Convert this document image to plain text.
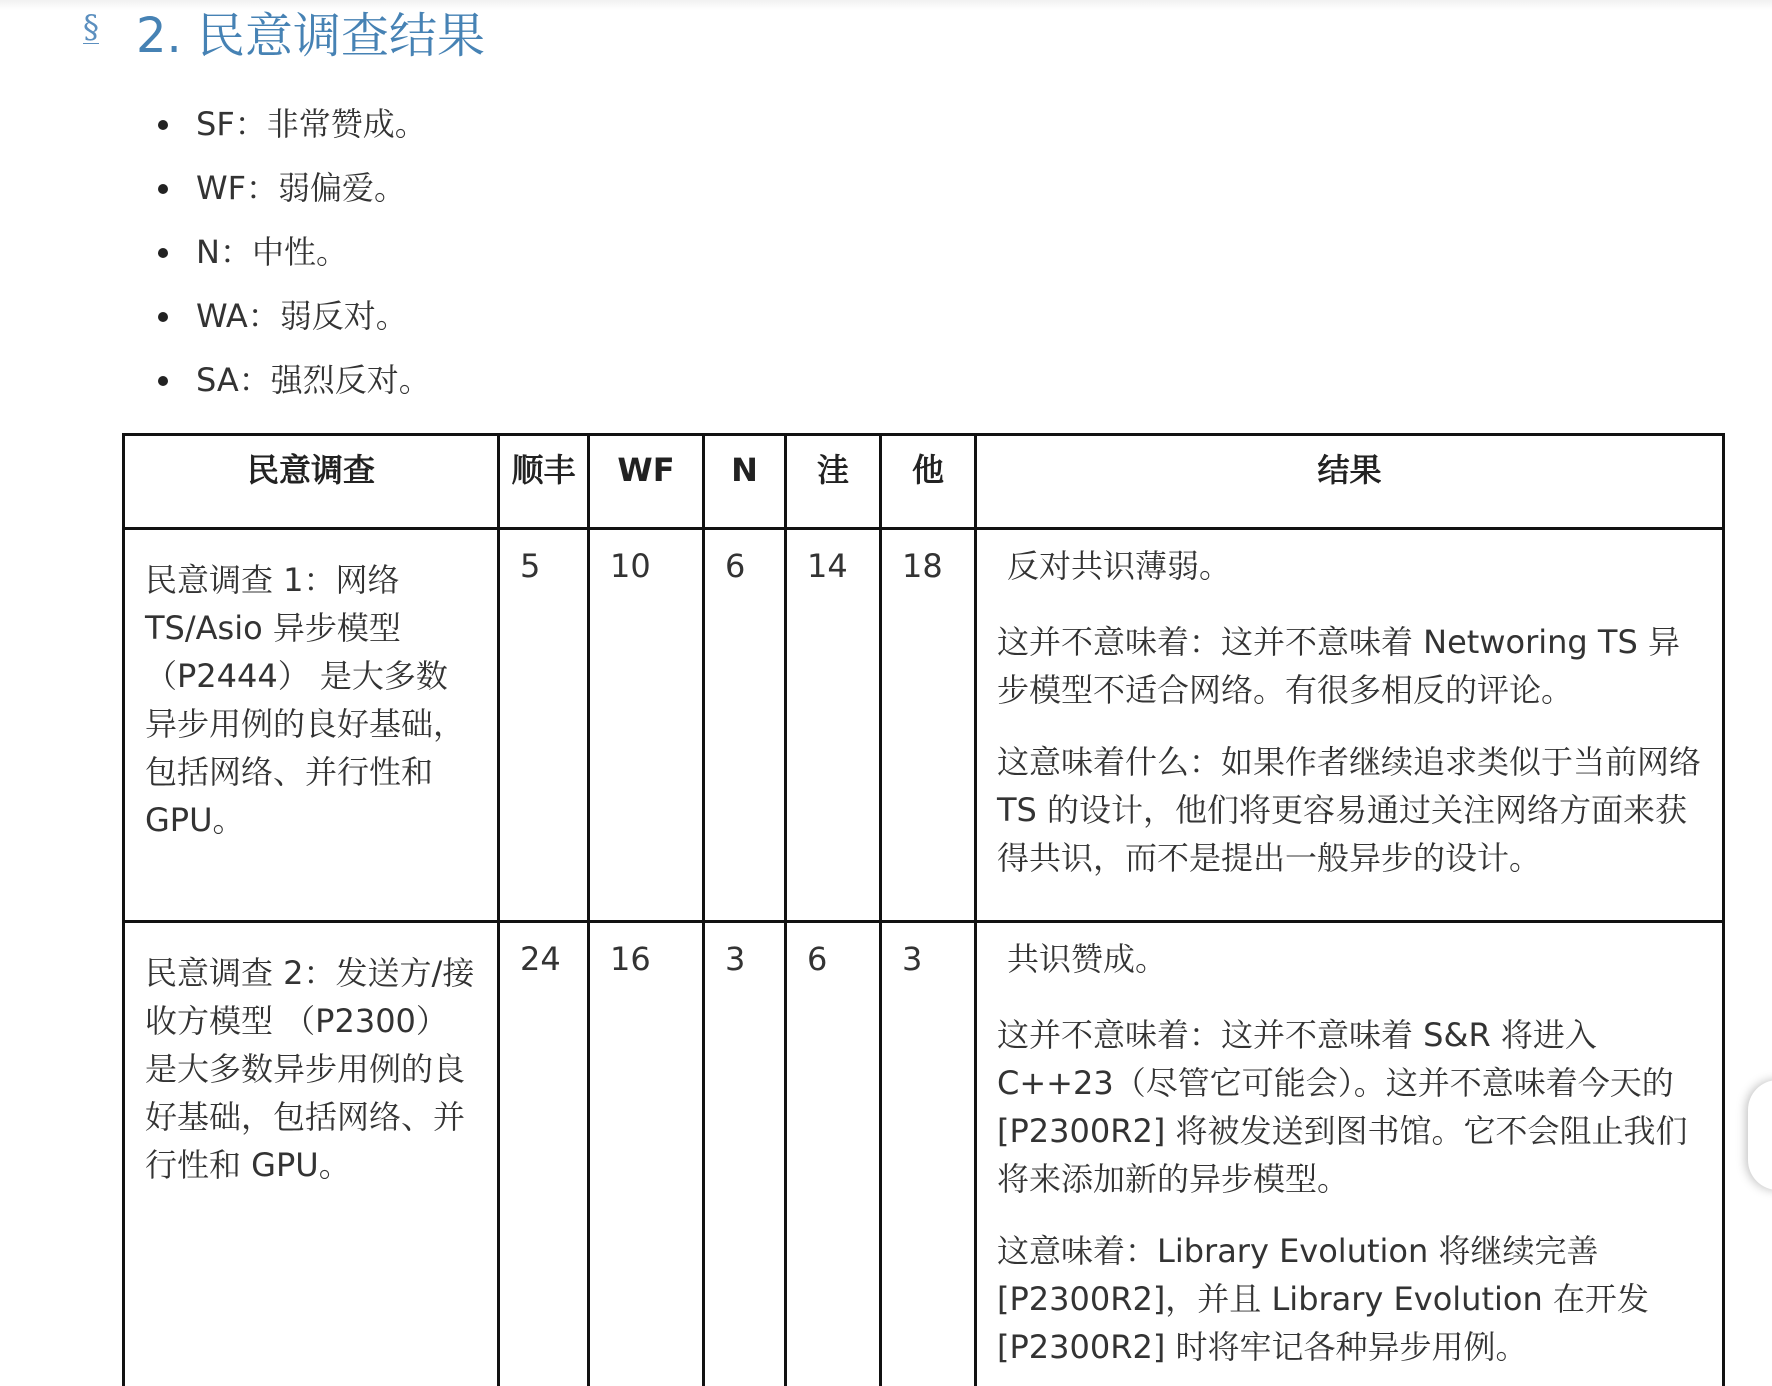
§ 2. 民意调查结果
SF：非常赞成。
WF：弱偏爱。
N：中性。
WA：弱反对。
SA：强烈反对。
民意调查	顺丰	WF	N	洼	他	结果
民意调查 1：网络 TS/Asio 异步模型 （P2444） 是大多数异步用例的良好基础，包括网络、并行性和 GPU。	5	10	6	14	18	反对共识薄弱。

这并不意味着：这并不意味着 Networing TS 异步模型不适合网络。有很多相反的评论。

这意味着什么：如果作者继续追求类似于当前网络 TS 的设计，他们将更容易通过关注网络方面来获得共识，而不是提出一般异步的设计。

民意调查 2：发送方/接收方模型 （P2300） 是大多数异步用例的良好基础，包括网络、并行性和 GPU。	24	16	3	6	3	共识赞成。

这并不意味着：这并不意味着 S&R 将进入 C++23（尽管它可能会）。这并不意味着今天的 [P2300R2] 将被发送到图书馆。它不会阻止我们将来添加新的异步模型。

这意味着：Library Evolution 将继续完善 [P2300R2]，并且 Library Evolution 在开发 [P2300R2] 时将牢记各种异步用例。
